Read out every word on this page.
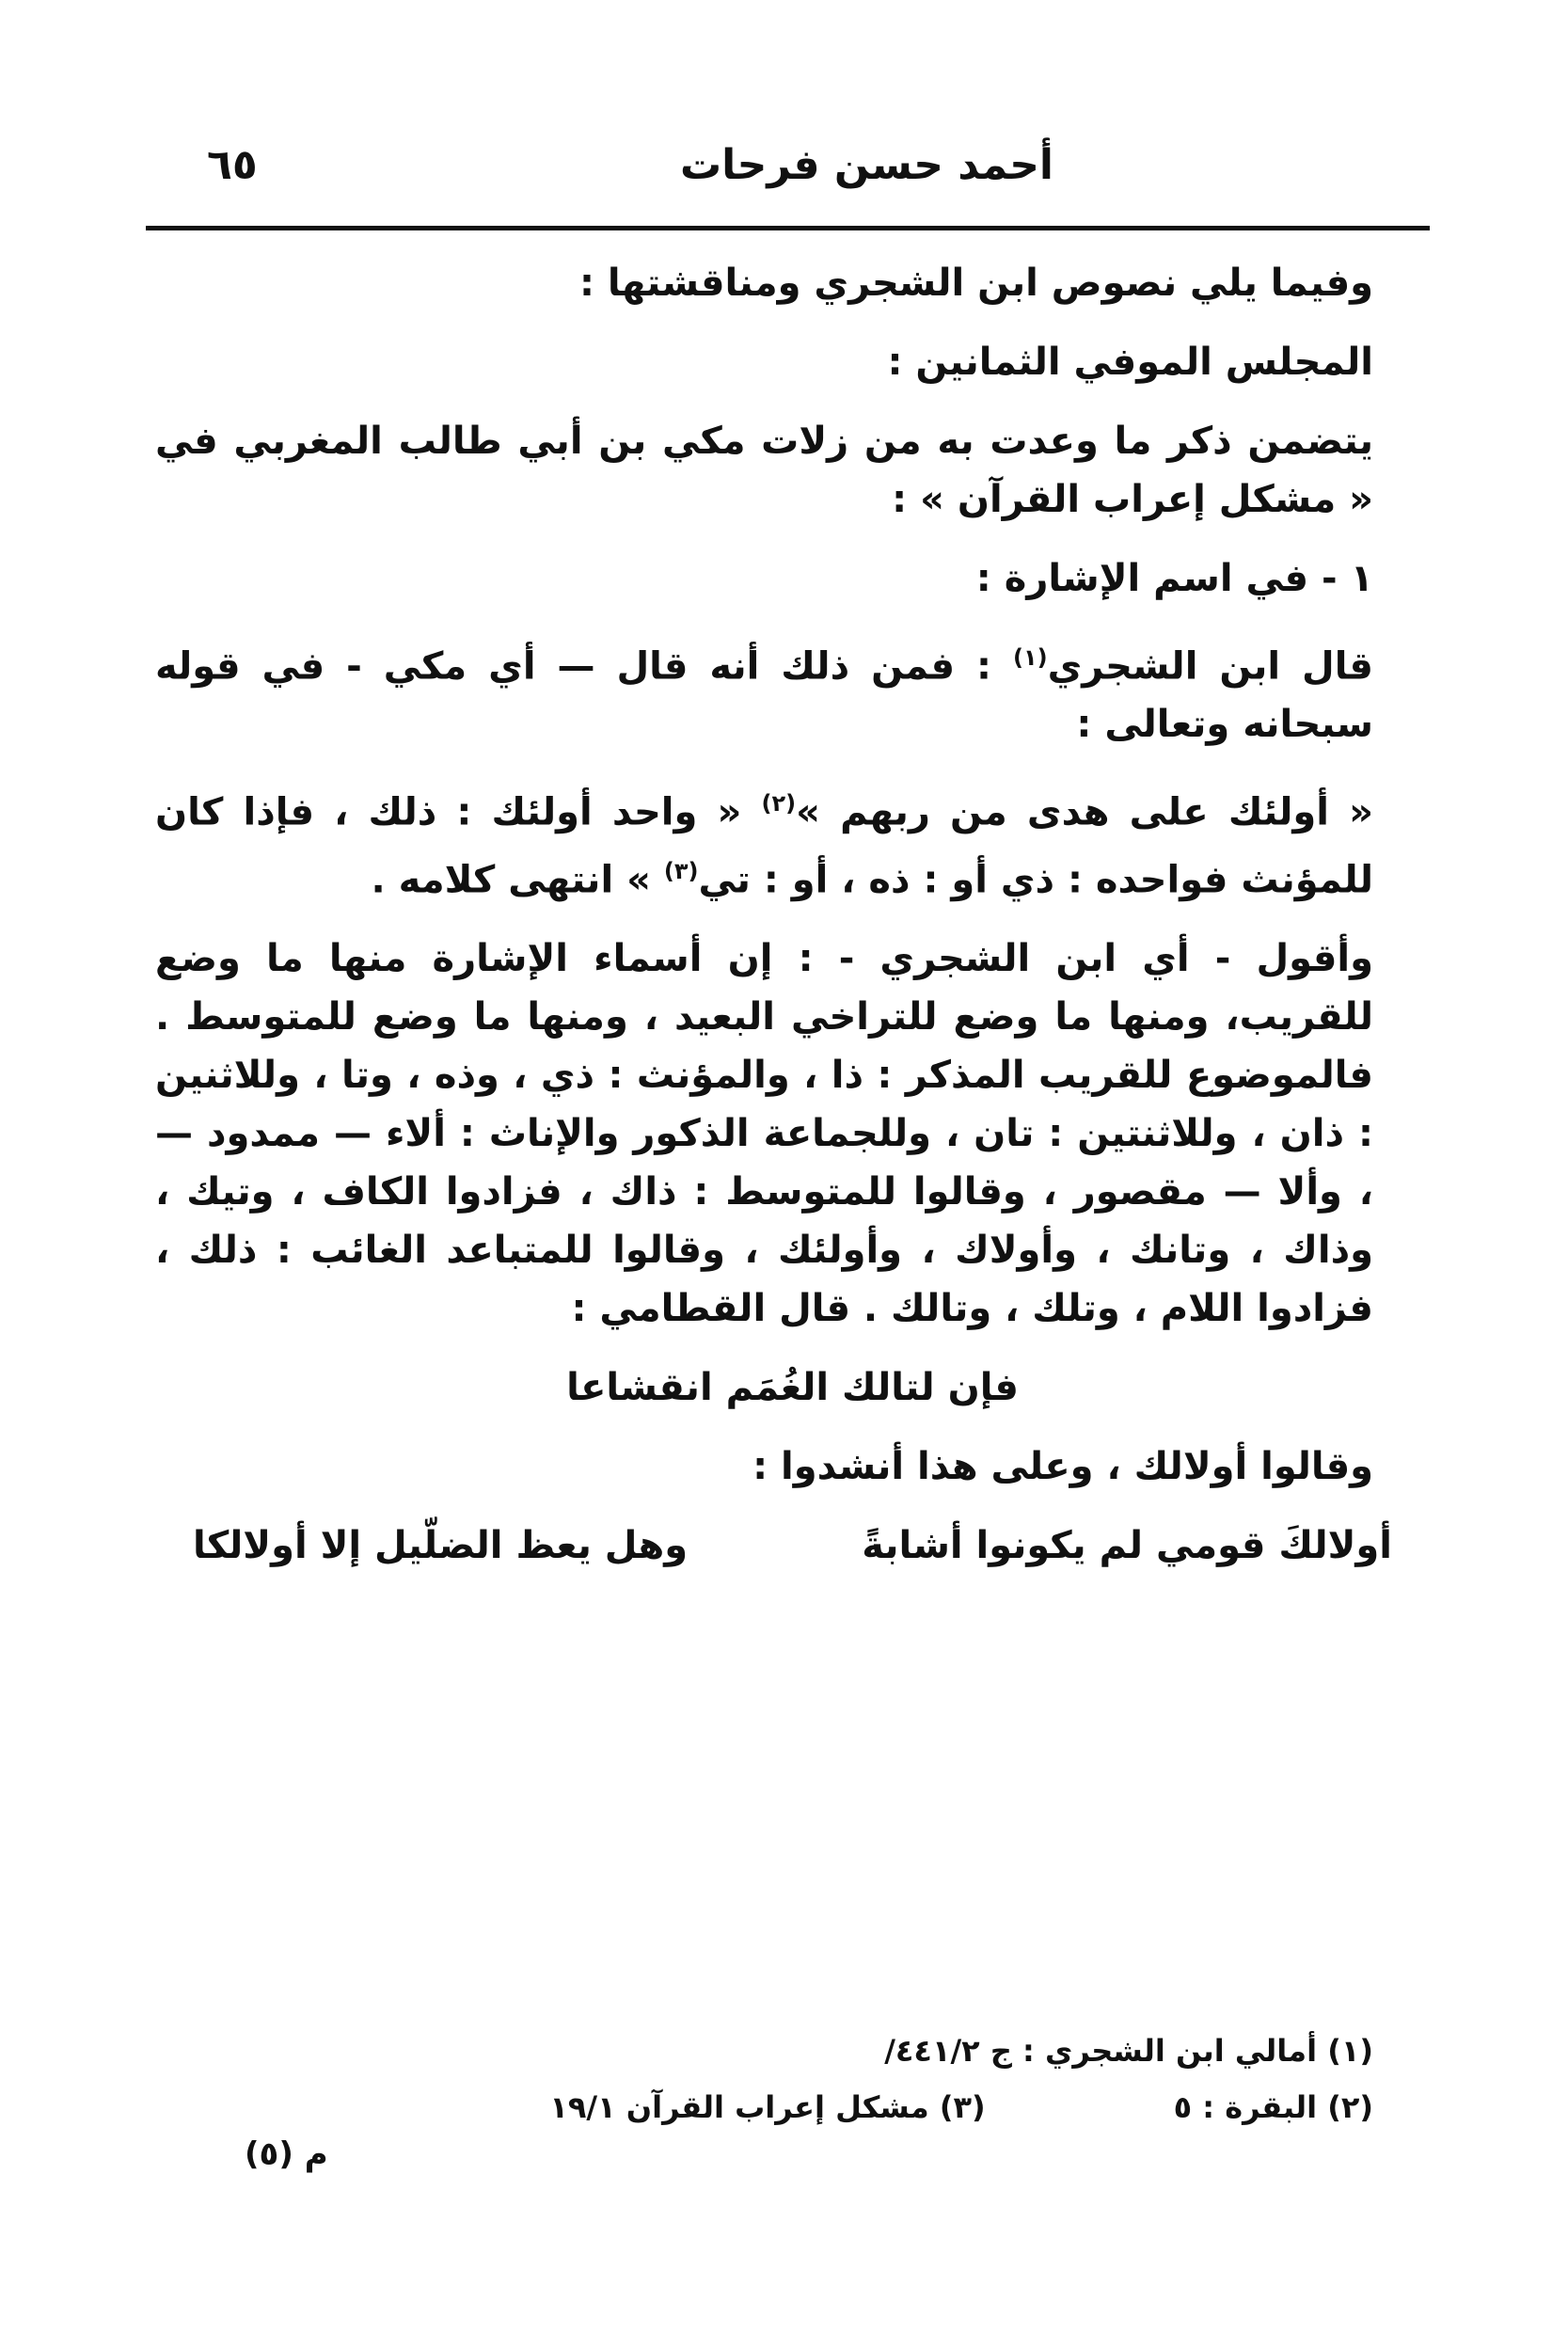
أحمد حسن فرحات
٦٥

وفيما يلي نصوص ابن الشجري ومناقشتها :

المجلس الموفي الثمانين :

يتضمن ذكر ما وعدت به من زلات مكي بن أبي طالب المغربي في « مشكل إعراب القرآن » :

١ - في اسم الإشارة :

قال ابن الشجري$^{(١)}$ : فمن ذلك أنه قال — أي مكي - في قوله سبحانه وتعالى :

« أولئك على هدى من ربهم »$^{(٢)}$ « واحد أولئك : ذلك ، فإذا كان للمؤنث فواحده : ذي أو : ذه ، أو : تي$^{(٣)}$ » انتهى كلامه .

وأقول - أي ابن الشجري - : إن أسماء الإشارة منها ما وضع للقريب، ومنها ما وضع للتراخي البعيد ، ومنها ما وضع للمتوسط . فالموضوع للقريب المذكر : ذا ، والمؤنث : ذي ، وذه ، وتا ، وللاثنين : ذان ، وللاثنتين : تان ، وللجماعة الذكور والإناث : ألاء — ممدود — ، وألا — مقصور ، وقالوا للمتوسط : ذاك ، فزادوا الكاف ، وتيك ، وذاك ، وتانك ، وأولاك ، وأولئك ، وقالوا للمتباعد الغائب : ذلك ، فزادوا اللام ، وتلك ، وتالك . قال القطامي :

فإن لتالك الغُمَم انقشاعا

وقالوا أولالك ، وعلى هذا أنشدوا :

أولالكَ قومي لم يكونوا أشابةً
وهل يعظ الضلّيل إلا أولالكا
(١) أمالي ابن الشجري : ج ٤٤١/٢/
(٢) البقرة : ٥
(٣) مشكل إعراب القرآن ١٩/١
م (٥)
